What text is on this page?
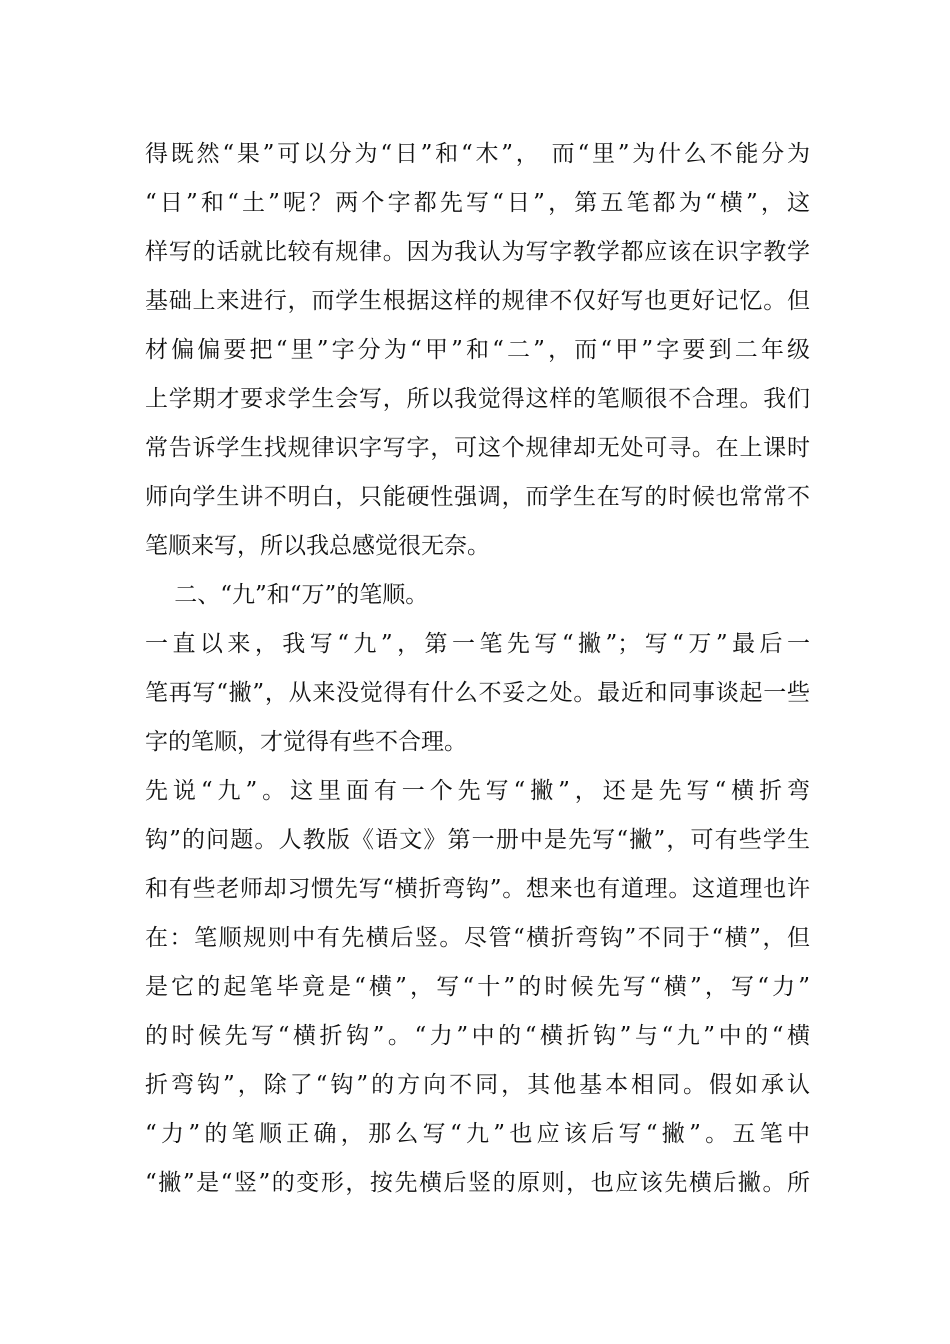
得既然“果”可以分为“日”和“木”， 而“里”为什么不能分为
“日”和“土”呢？两个字都先写“日”，第五笔都为“横”，这
样写的话就比较有规律。因为我认为写字教学都应该在识字教学
基础上来进行，而学生根据这样的规律不仅好写也更好记忆。但
材偏偏要把“里”字分为“甲”和“二”，而“甲”字要到二年级
上学期才要求学生会写，所以我觉得这样的笔顺很不合理。我们
常告诉学生找规律识字写字，可这个规律却无处可寻。在上课时
师向学生讲不明白，只能硬性强调，而学生在写的时候也常常不
笔顺来写，所以我总感觉很无奈。
二、“九”和“万”的笔顺。
一直以来，我写“九”，第一笔先写“撇”；写“万”最后一
笔再写“撇”，从来没觉得有什么不妥之处。最近和同事谈起一些
字的笔顺，才觉得有些不合理。
先说“九”。这里面有一个先写“撇”，还是先写“横折弯
钩”的问题。人教版《语文》第一册中是先写“撇”，可有些学生
和有些老师却习惯先写“横折弯钩”。想来也有道理。这道理也许
在：笔顺规则中有先横后竖。尽管“横折弯钩”不同于“横”，但
是它的起笔毕竟是“横”，写“十”的时候先写“横”，写“力”
的时候先写“横折钩”。“力”中的“横折钩”与“九”中的“横
折弯钩”，除了“钩”的方向不同，其他基本相同。假如承认
“力”的笔顺正确，那么写“九”也应该后写“撇”。五笔中
“撇”是“竖”的变形，按先横后竖的原则，也应该先横后撇。所
